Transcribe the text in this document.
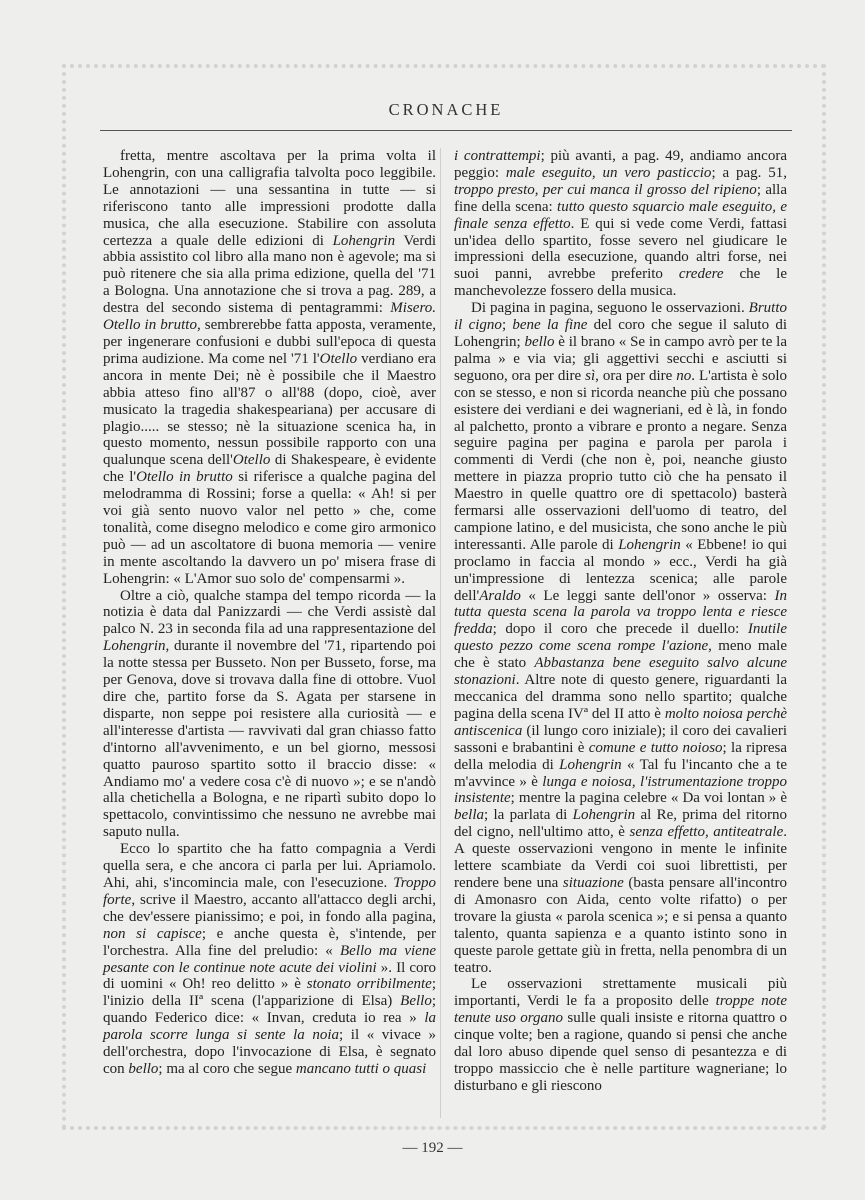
CRONACHE

fretta, mentre ascoltava per la prima volta il Lohengrin, con una calligrafia talvolta poco leggibile. Le annotazioni — una sessantina in tutte — si riferiscono tanto alle impressioni prodotte dalla musica, che alla esecuzione. Stabilire con assoluta certezza a quale delle edizioni di Lohengrin Verdi abbia assistito col libro alla mano non è agevole; ma si può ritenere che sia alla prima edizione, quella del '71 a Bologna. Una annotazione che si trova a pag. 289, a destra del secondo sistema di pentagrammi: Misero. Otello in brutto, sembrerebbe fatta apposta, veramente, per ingenerare confusioni e dubbi sull'epoca di questa prima audizione. Ma come nel '71 l'Otello verdiano era ancora in mente Dei; nè è possibile che il Maestro abbia atteso fino all'87 o all'88 (dopo, cioè, aver musicato la tragedia shakespeariana) per accusare di plagio..... se stesso; nè la situazione scenica ha, in questo momento, nessun possibile rapporto con una qualunque scena dell'Otello di Shakespeare, è evidente che l'Otello in brutto si riferisce a qualche pagina del melodramma di Rossini; forse a quella: « Ah! si per voi già sento nuovo valor nel petto » che, come tonalità, come disegno melodico e come giro armonico può — ad un ascoltatore di buona memoria — venire in mente ascoltando la davvero un po' misera frase di Lohengrin: « L'Amor suo solo de' compensarmi ».

Oltre a ciò, qualche stampa del tempo ricorda — la notizia è data dal Panizzardi — che Verdi assistè dal palco N. 23 in seconda fila ad una rappresentazione del Lohengrin, durante il novembre del '71, ripartendo poi la notte stessa per Busseto. Non per Busseto, forse, ma per Genova, dove si trovava dalla fine di ottobre. Vuol dire che, partito forse da S. Agata per starsene in disparte, non seppe poi resistere alla curiosità — e all'interesse d'artista — ravvivati dal gran chiasso fatto d'intorno all'avvenimento, e un bel giorno, messosi quatto pauroso spartito sotto il braccio disse: « Andiamo mo' a vedere cosa c'è di nuovo »; e se n'andò alla chetichella a Bologna, e ne ripartì subito dopo lo spettacolo, convintissimo che nessuno ne avrebbe mai saputo nulla.

Ecco lo spartito che ha fatto compagnia a Verdi quella sera, e che ancora ci parla per lui. Apriamolo. Ahi, ahi, s'incomincia male, con l'esecuzione. Troppo forte, scrive il Maestro, accanto all'attacco degli archi, che dev'essere pianissimo; e poi, in fondo alla pagina, non si capisce; e anche questa è, s'intende, per l'orchestra. Alla fine del preludio: « Bello ma viene pesante con le continue note acute dei violini ». Il coro di uomini « Oh! reo delitto » è stonato orribilmente; l'inizio della IIª scena (l'apparizione di Elsa) Bello; quando Federico dice: « Invan, creduta io rea » la parola scorre lunga si sente la noia; il « vivace » dell'orchestra, dopo l'invocazione di Elsa, è segnato con bello; ma al coro che segue mancano tutti o quasi

i contrattempi; più avanti, a pag. 49, andiamo ancora peggio: male eseguito, un vero pasticcio; a pag. 51, troppo presto, per cui manca il grosso del ripieno; alla fine della scena: tutto questo squarcio male eseguito, e finale senza effetto. E qui si vede come Verdi, fattasi un'idea dello spartito, fosse severo nel giudicare le impressioni della esecuzione, quando altri forse, nei suoi panni, avrebbe preferito credere che le manchevolezze fossero della musica.

Di pagina in pagina, seguono le osservazioni. Brutto il cigno; bene la fine del coro che segue il saluto di Lohengrin; bello è il brano « Se in campo avrò per te la palma » e via via; gli aggettivi secchi e asciutti si seguono, ora per dire sì, ora per dire no. L'artista è solo con se stesso, e non si ricorda neanche più che possano esistere dei verdiani e dei wagneriani, ed è là, in fondo al palchetto, pronto a vibrare e pronto a negare. Senza seguire pagina per pagina e parola per parola i commenti di Verdi (che non è, poi, neanche giusto mettere in piazza proprio tutto ciò che ha pensato il Maestro in quelle quattro ore di spettacolo) basterà fermarsi alle osservazioni dell'uomo di teatro, del campione latino, e del musicista, che sono anche le più interessanti. Alle parole di Lohengrin « Ebbene! io qui proclamo in faccia al mondo » ecc., Verdi ha già un'impressione di lentezza scenica; alle parole dell'Araldo « Le leggi sante dell'onor » osserva: In tutta questa scena la parola va troppo lenta e riesce fredda; dopo il coro che precede il duello: Inutile questo pezzo come scena rompe l'azione, meno male che è stato Abbastanza bene eseguito salvo alcune stonazioni. Altre note di questo genere, riguardanti la meccanica del dramma sono nello spartito; qualche pagina della scena IVª del II atto è molto noiosa perchè antiscenica (il lungo coro iniziale); il coro dei cavalieri sassoni e brabantini è comune e tutto noioso; la ripresa della melodia di Lohengrin « Tal fu l'incanto che a te m'avvince » è lunga e noiosa, l'istrumentazione troppo insistente; mentre la pagina celebre « Da voi lontan » è bella; la parlata di Lohengrin al Re, prima del ritorno del cigno, nell'ultimo atto, è senza effetto, antiteatrale. A queste osservazioni vengono in mente le infinite lettere scambiate da Verdi coi suoi librettisti, per rendere bene una situazione (basta pensare all'incontro di Amonasro con Aida, cento volte rifatto) o per trovare la giusta « parola scenica »; e si pensa a quanto talento, quanta sapienza e a quanto istinto sono in queste parole gettate giù in fretta, nella penombra di un teatro.

Le osservazioni strettamente musicali più importanti, Verdi le fa a proposito delle troppe note tenute uso organo sulle quali insiste e ritorna quattro o cinque volte; ben a ragione, quando si pensi che anche dal loro abuso dipende quel senso di pesantezza e di troppo massiccio che è nelle partiture wagneriane; lo disturbano e gli riescono

— 192 —
